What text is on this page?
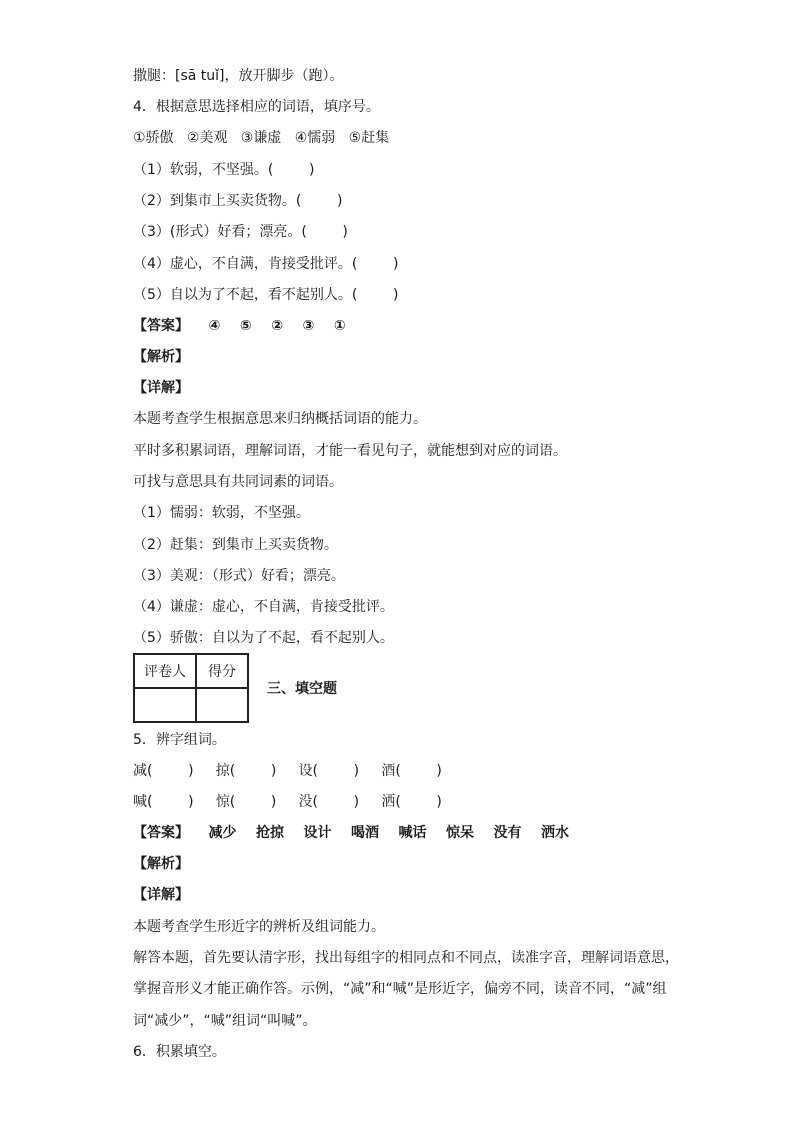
撒腿：[sā tuǐ]，放开脚步（跑）。
4．根据意思选择相应的词语，填序号。
①骄傲   ②美观   ③谦虚   ④懦弱   ⑤赶集
（1）软弱，不坚强。(        )
（2）到集市上买卖货物。(        )
（3）(形式）好看；漂亮。(        )
（4）虚心，不自满，肯接受批评。(        )
（5）自以为了不起，看不起别人。(        )
【答案】    ④    ⑤    ②    ③    ①
【解析】
【详解】
本题考查学生根据意思来归纳概括词语的能力。
平时多积累词语，理解词语，才能一看见句子，就能想到对应的词语。
可找与意思具有共同词素的词语。
（1）懦弱：软弱，不坚强。
（2）赶集：到集市上买卖货物。
（3）美观：（形式）好看；漂亮。
（4）谦虚：虚心，不自满，肯接受批评。
（5）骄傲：自以为了不起，看不起别人。
评卷人	得分

三、填空题
5．辨字组词。
减(        )     掠(        )     设(        )     酒(        )
喊(        )     惊(        )     没(        )     洒(        )
【答案】    减少    抢掠    设计    喝酒    喊话    惊呆    没有    洒水
【解析】
【详解】
本题考查学生形近字的辨析及组词能力。
解答本题，首先要认清字形，找出每组字的相同点和不同点，读准字音，理解词语意思，
掌握音形义才能正确作答。示例，“减”和“喊”是形近字，偏旁不同，读音不同，“减”组
词“减少”，“喊”组词“叫喊”。
6．积累填空。
